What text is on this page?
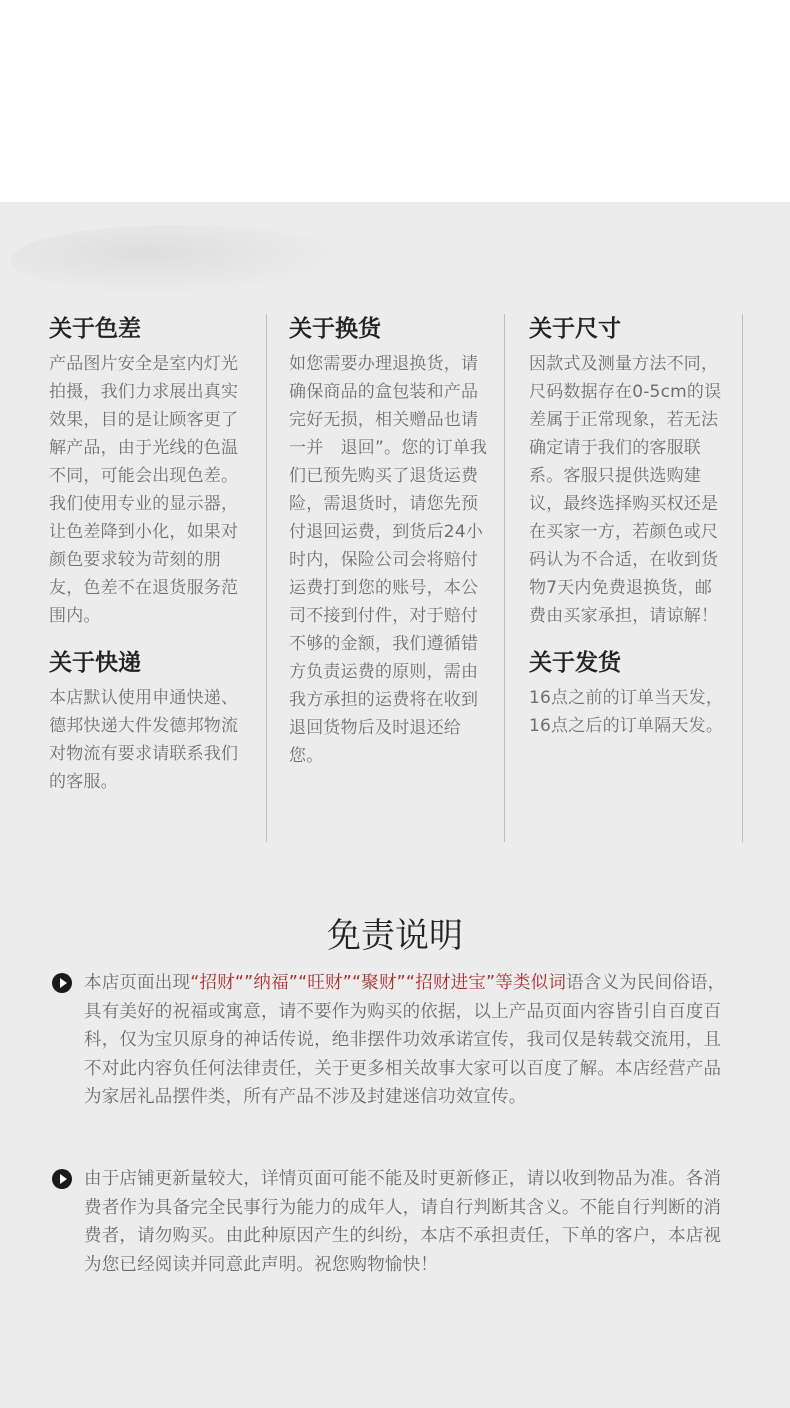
关于色差

产品图片安全是室内灯光拍摄，我们力求展出真实效果，目的是让顾客更了解产品，由于光线的色温不同，可能会出现色差。我们使用专业的显示器，让色差降到小化，如果对颜色要求较为苛刻的朋友，色差不在退货服务范围内。

关于快递

本店默认使用申通快递、德邦快递大件发德邦物流对物流有要求请联系我们的客服。

关于换货

如您需要办理退换货，请确保商品的盒包装和产品完好无损，相关赠品也请一并　退回”。您的订单我们已预先购买了退货运费险，需退货时，请您先预付退回运费，到货后24小时内，保险公司会将赔付运费打到您的账号，本公司不接到付件，对于赔付不够的金额，我们遵循错方负责运费的原则，需由我方承担的运费将在收到退回货物后及时退还给您。

关于尺寸

因款式及测量方法不同，尺码数据存在0-5cm的误差属于正常现象，若无法确定请于我们的客服联系。客服只提供选购建议，最终选择购买权还是在买家一方，若颜色或尺码认为不合适，在收到货物7天内免费退换货，邮费由买家承担，请谅解！

关于发货

16点之前的订单当天发，16点之后的订单隔天发。

免责说明
本店页面出现“招财“”纳福”“旺财”“聚财”“招财进宝”等类似词语含义为民间俗语，具有美好的祝福或寓意，请不要作为购买的依据，以上产品页面内容皆引自百度百科，仅为宝贝原身的神话传说，绝非摆件功效承诺宣传，我司仅是转载交流用，且不对此内容负任何法律责任，关于更多相关故事大家可以百度了解。本店经营产品为家居礼品摆件类，所有产品不涉及封建迷信功效宣传。
由于店铺更新量较大，详情页面可能不能及时更新修正，请以收到物品为准。各消费者作为具备完全民事行为能力的成年人，请自行判断其含义。不能自行判断的消费者，请勿购买。由此种原因产生的纠纷，本店不承担责任，下单的客户，本店视为您已经阅读并同意此声明。祝您购物愉快！
